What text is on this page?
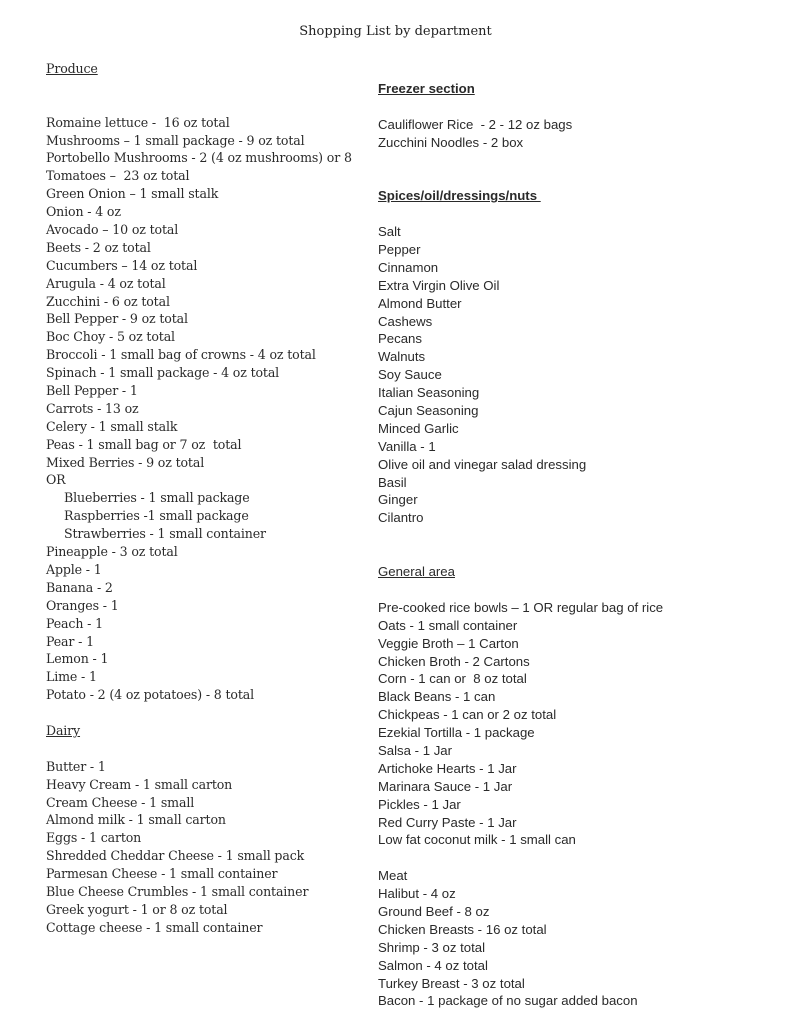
Shopping List by department
Produce
Romaine lettuce -  16 oz total
Mushrooms – 1 small package - 9 oz total
Portobello Mushrooms - 2 (4 oz mushrooms) or 8
Tomatoes –  23 oz total
Green Onion – 1 small stalk
Onion - 4 oz
Avocado – 10 oz total
Beets - 2 oz total
Cucumbers – 14 oz total
Arugula - 4 oz total
Zucchini - 6 oz total
Bell Pepper - 9 oz total
Boc Choy - 5 oz total
Broccoli - 1 small bag of crowns - 4 oz total
Spinach - 1 small package - 4 oz total
Bell Pepper - 1
Carrots - 13 oz
Celery - 1 small stalk
Peas - 1 small bag or 7 oz  total
Mixed Berries - 9 oz total
OR
Blueberries - 1 small package
Raspberries -1 small package
Strawberries - 1 small container
Pineapple - 3 oz total
Apple - 1
Banana - 2
Oranges - 1
Peach - 1
Pear - 1
Lemon - 1
Lime - 1
Potato - 2 (4 oz potatoes) - 8 total
Dairy
Butter - 1
Heavy Cream - 1 small carton
Cream Cheese - 1 small
Almond milk - 1 small carton
Eggs - 1 carton
Shredded Cheddar Cheese - 1 small pack
Parmesan Cheese - 1 small container
Blue Cheese Crumbles - 1 small container
Greek yogurt - 1 or 8 oz total
Cottage cheese - 1 small container
Freezer section
Cauliflower Rice  - 2 - 12 oz bags
Zucchini Noodles - 2 box
Spices/oil/dressings/nuts
Salt
Pepper
Cinnamon
Extra Virgin Olive Oil
Almond Butter
Cashews
Pecans
Walnuts
Soy Sauce
Italian Seasoning
Cajun Seasoning
Minced Garlic
Vanilla - 1
Olive oil and vinegar salad dressing
Basil
Ginger
Cilantro
General area
Pre-cooked rice bowls – 1 OR regular bag of rice
Oats - 1 small container
Veggie Broth – 1 Carton
Chicken Broth - 2 Cartons
Corn - 1 can or  8 oz total
Black Beans - 1 can
Chickpeas - 1 can or 2 oz total
Ezekial Tortilla - 1 package
Salsa - 1 Jar
Artichoke Hearts - 1 Jar
Marinara Sauce - 1 Jar
Pickles - 1 Jar
Red Curry Paste - 1 Jar
Low fat coconut milk - 1 small can
Meat
Halibut - 4 oz
Ground Beef - 8 oz
Chicken Breasts - 16 oz total
Shrimp - 3 oz total
Salmon - 4 oz total
Turkey Breast - 3 oz total
Bacon - 1 package of no sugar added bacon
